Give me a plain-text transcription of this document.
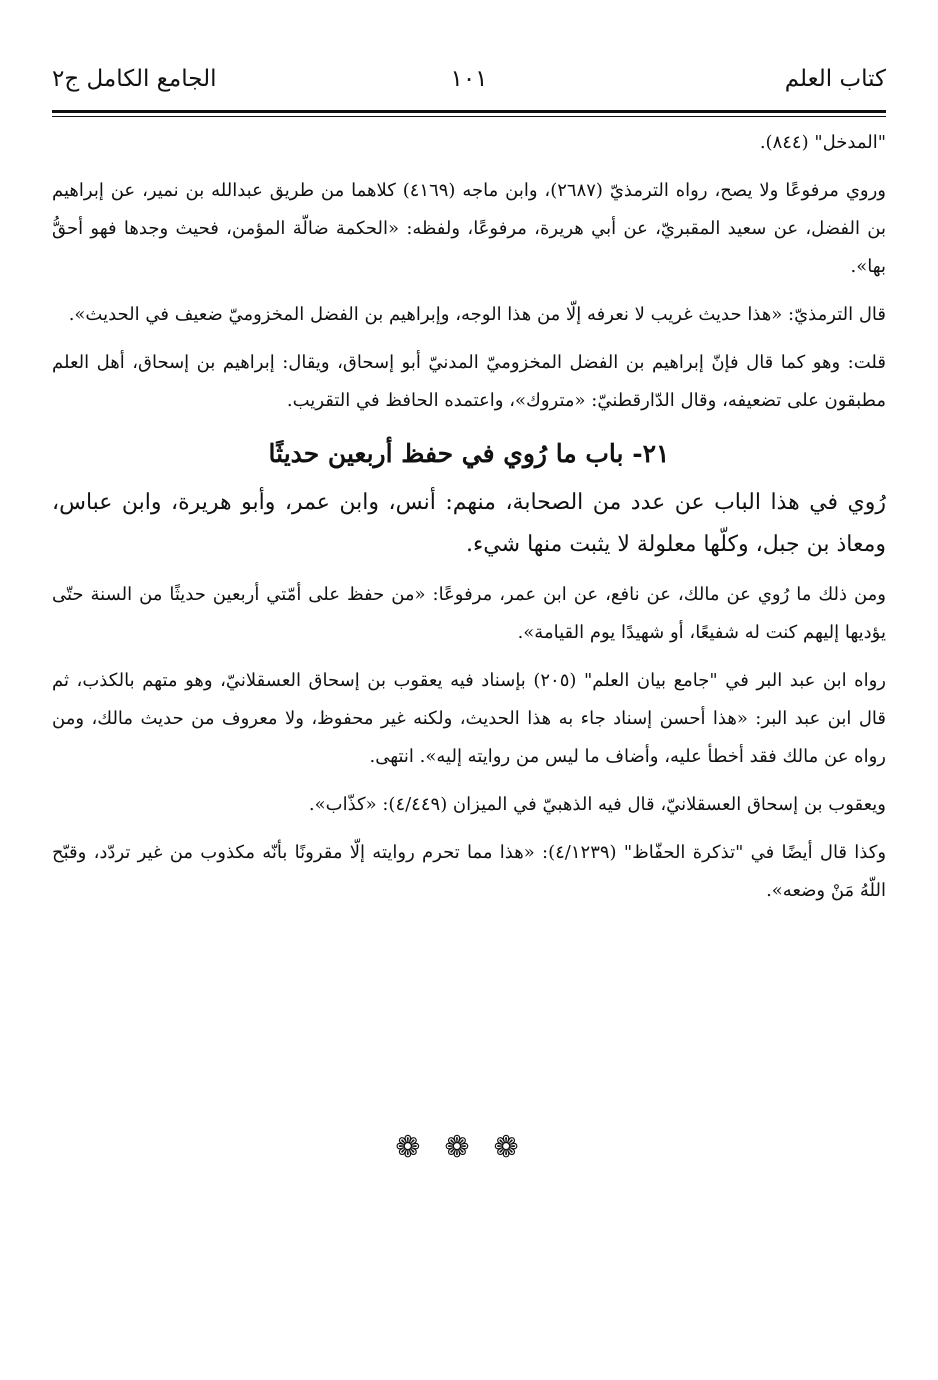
كتاب العلم
١٠١
الجامع الكامل ج٢

"المدخل" (٨٤٤).

وروي مرفوعًا ولا يصح، رواه الترمذيّ (٢٦٨٧)، وابن ماجه (٤١٦٩) كلاهما من طريق عبدالله بن نمير، عن إبراهيم بن الفضل، عن سعيد المقبريّ، عن أبي هريرة، مرفوعًا، ولفظه: «الحكمة ضالّة المؤمن، فحيث وجدها فهو أحقُّ بها».

قال الترمذيّ: «هذا حديث غريب لا نعرفه إلّا من هذا الوجه، وإبراهيم بن الفضل المخزوميّ ضعيف في الحديث».

قلت: وهو كما قال فإنّ إبراهيم بن الفضل المخزوميّ المدنيّ أبو إسحاق، ويقال: إبراهيم بن إسحاق، أهل العلم مطبقون على تضعيفه، وقال الدّارقطنيّ: «متروك»، واعتمده الحافظ في التقريب.

٢١- باب ما رُوي في حفظ أربعين حديثًا

رُوي في هذا الباب عن عدد من الصحابة، منهم: أنس، وابن عمر، وأبو هريرة، وابن عباس، ومعاذ بن جبل، وكلّها معلولة لا يثبت منها شيء.

ومن ذلك ما رُوي عن مالك، عن نافع، عن ابن عمر، مرفوعًا: «من حفظ على أمّتي أربعين حديثًا من السنة حتّى يؤديها إليهم كنت له شفيعًا، أو شهيدًا يوم القيامة».

رواه ابن عبد البر في "جامع بيان العلم" (٢٠٥) بإسناد فيه يعقوب بن إسحاق العسقلانيّ، وهو متهم بالكذب، ثم قال ابن عبد البر: «هذا أحسن إسناد جاء به هذا الحديث، ولكنه غير محفوظ، ولا معروف من حديث مالك، ومن رواه عن مالك فقد أخطأ عليه، وأضاف ما ليس من روايته إليه». انتهى.

ويعقوب بن إسحاق العسقلانيّ، قال فيه الذهبيّ في الميزان (٤/٤٤٩): «كذّاب».

وكذا قال أيضًا في "تذكرة الحفّاظ" (٤/١٢٣٩): «هذا مما تحرم روايته إلّا مقرونًا بأنّه مكذوب من غير تردّد، وقبّح اللّهُ مَنْ وضعه».

❁❁❁
